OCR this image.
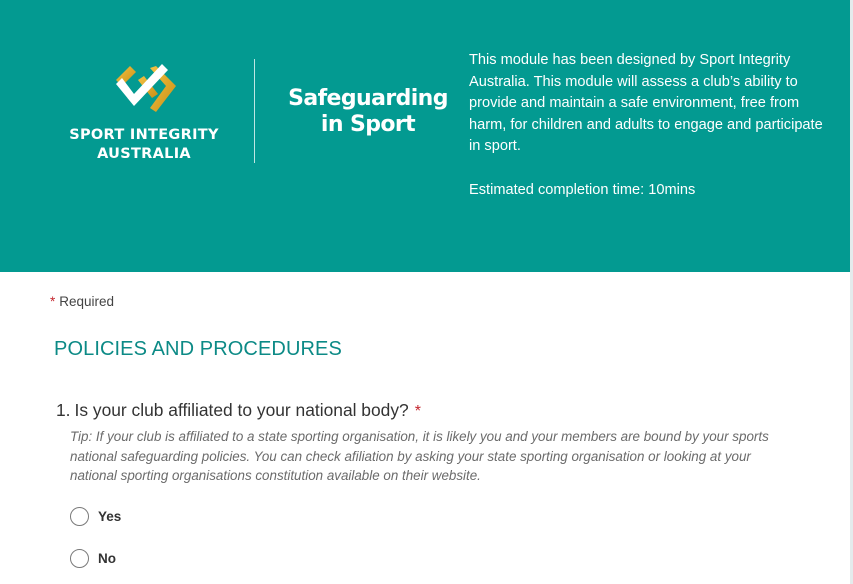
SPORT INTEGRITY
AUSTRALIA
Safeguarding
in Sport

This module has been designed by Sport Integrity Australia. This module will assess a club’s ability to provide and maintain a safe environment, free from harm, for children and adults to engage and participate in sport.

Estimated completion time: 10mins

* Required
POLICIES AND PROCEDURES
1. Is your club affiliated to your national body? *
Tip: If your club is affiliated to a state sporting organisation, it is likely you and your members are bound by your sports national safeguarding policies. You can check afiliation by asking your state sporting organisation or looking at your national sporting organisations constitution available on their website.
Yes
No
